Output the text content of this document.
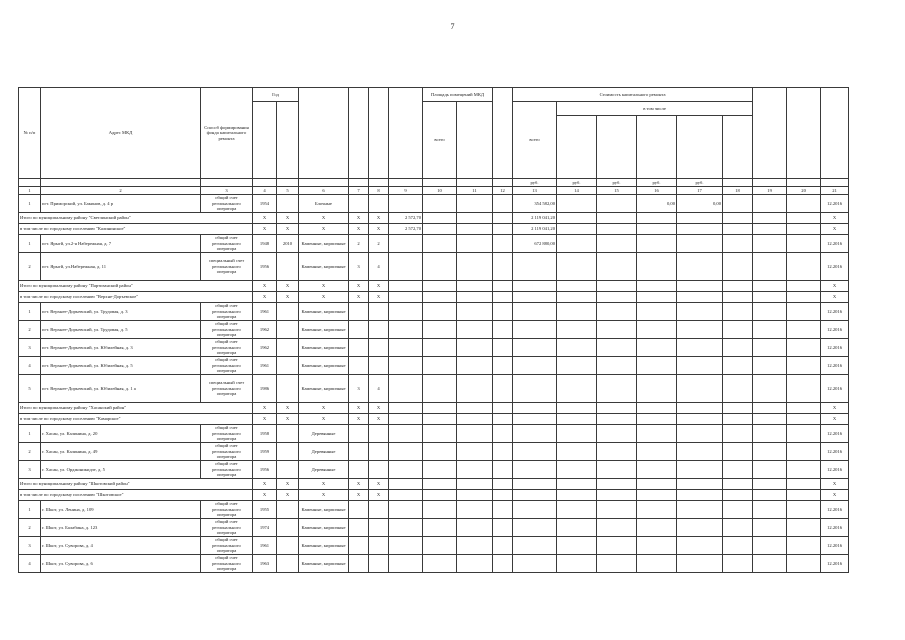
7
№ п/п	Адрес МКД	Способ формирования фонда капитального ремонта	Год						Площадь помещений МКД			Стоимость капитального ремонта								
									всего			всего	в том числе							

												руб.	руб.	руб.	руб.	руб.				
1	2	3	4	5	6	7	8	9	10	11	12	13	14	15	16	17	18	19	20	21
1	пгт. Приморский, ул. Бакинов, д. 4 р	общий счет регионального оператора	1954		Блочные							354 582,00			0,00	0,00				12.2016
Итого по муниципальному району "Светлинский район"			X	X	X	X	X	2 572,70				2 119 041,20								X
в том числе по городскому поселению "Калининское"			X	X	X	X	X	2 572,70				2 119 041,20								X
1	пгт. Ярыгй, ул.2-я Набережная, д. 7	общий счет регионального оператора	1948	2010	Каменные, кирпичные	2	2					672 880,00								12.2016
2	пгт. Ярыгй, ул.Набережная, д. 11	специальный счет регионального оператора	1956		Каменные, кирпичные	3	4													12.2016
Итого по муниципальному району "Партизанский район"			X	X	X	X	X													X
в том числе по городскому поселению "Верхне-Доръевское"			X	X	X	X	X													X
1	пгт. Верхнее-Доръевский, ул. Трудовая, д. 3	общий счет регионального оператора	1961		Каменные, кирпичные															12.2016
2	пгт. Верхнее-Доръевский, ул. Трудовая, д. 5	общий счет регионального оператора	1962		Каменные, кирпичные															12.2016
3	пгт. Верхнее-Доръевский, ул. Юбилейная, д. 3	общий счет регионального оператора	1962		Каменные, кирпичные															12.2016
4	пгт. Верхнее-Доръевский, ул. Юбилейная, д. 5	общий счет регионального оператора	1961		Каменные, кирпичные															12.2016
5	пгт. Верхнее-Доръевский, ул. Юбилейная, д. 1 а	специальный счет регионального оператора	1986		Каменные, кирпичные	3	4													12.2016
Итого по муниципальному району "Хасанский район"			X	X	X	X	X													X
в том числе по городскому поселению "Камарское"			X	X	X	X	X													X
1	г. Хасан, ул. Калинина, д. 20	общий счет регионального оператора	1958		Деревянные															12.2016
2	г. Хасан, ул. Калинина, д. 49	общий счет регионального оператора	1959		Деревянные															12.2016
3	г. Хасан, ул. Орджоникидзе, д. 5	общий счет регионального оператора	1956		Деревянные															12.2016
Итого по муниципальному району "Шкотовский район"			X	X	X	X	X													X
в том числе по городскому поселению "Шкотовское"			X	X	X	X	X													X
1	г. Шкот, ул. Ленина, д. 109	общий счет регионального оператора	1955		Каменные, кирпичные															12.2016
2	г. Шкот, ул. Балабина, д. 123	общий счет регионального оператора	1974		Каменные, кирпичные															12.2016
3	г. Шкот, ул. Суворова, д. 4	общий счет регионального оператора	1961		Каменные, кирпичные															12.2016
4	г. Шкот, ул. Суворова, д. 6	общий счет регионального оператора	1963		Каменные, кирпичные															12.2016
